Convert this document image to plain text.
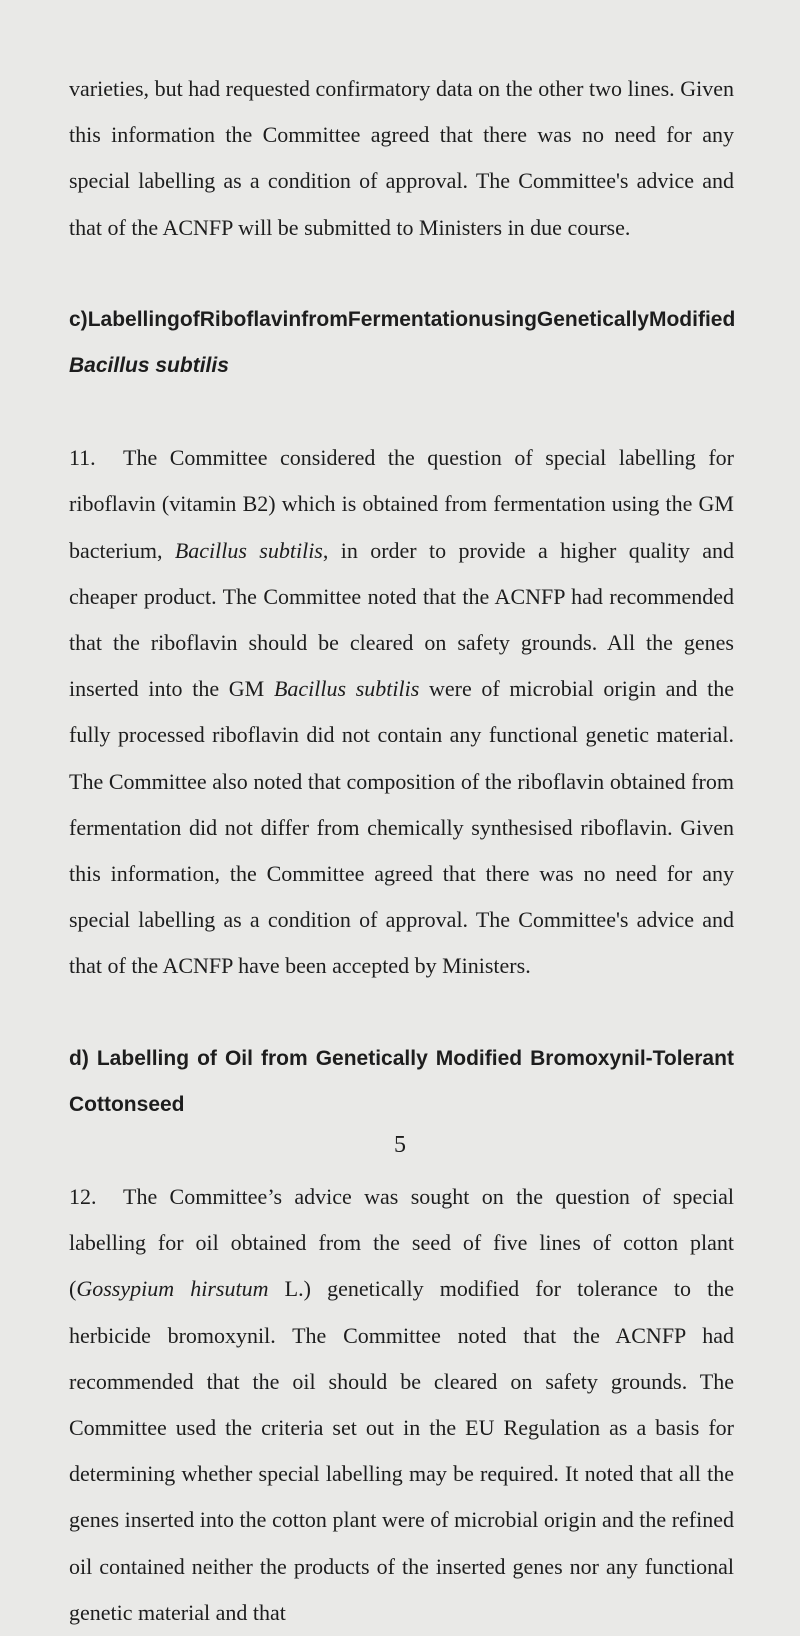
varieties, but had requested confirmatory data on the other two lines. Given this information the Committee agreed that there was no need for any special labelling as a condition of approval. The Committee's advice and that of the ACNFP will be submitted to Ministers in due course.

c) Labelling of Riboflavin from Fermentation using Genetically Modified

Bacillus subtilis

11. The Committee considered the question of special labelling for riboflavin (vitamin B2) which is obtained from fermentation using the GM bacterium, Bacillus subtilis, in order to provide a higher quality and cheaper product. The Committee noted that the ACNFP had recommended that the riboflavin should be cleared on safety grounds. All the genes inserted into the GM Bacillus subtilis were of microbial origin and the fully processed riboflavin did not contain any functional genetic material. The Committee also noted that composition of the riboflavin obtained from fermentation did not differ from chemically synthesised riboflavin. Given this information, the Committee agreed that there was no need for any special labelling as a condition of approval. The Committee's advice and that of the ACNFP have been accepted by Ministers.

d) Labelling of Oil from Genetically Modified Bromoxynil-Tolerant

Cottonseed

12. The Committee’s advice was sought on the question of special labelling for oil obtained from the seed of five lines of cotton plant (Gossypium hirsutum L.) genetically modified for tolerance to the herbicide bromoxynil. The Committee noted that the ACNFP had recommended that the oil should be cleared on safety grounds. The Committee used the criteria set out in the EU Regulation as a basis for determining whether special labelling may be required. It noted that all the genes inserted into the cotton plant were of microbial origin and the refined oil contained neither the products of the inserted genes nor any functional genetic material and that

5
